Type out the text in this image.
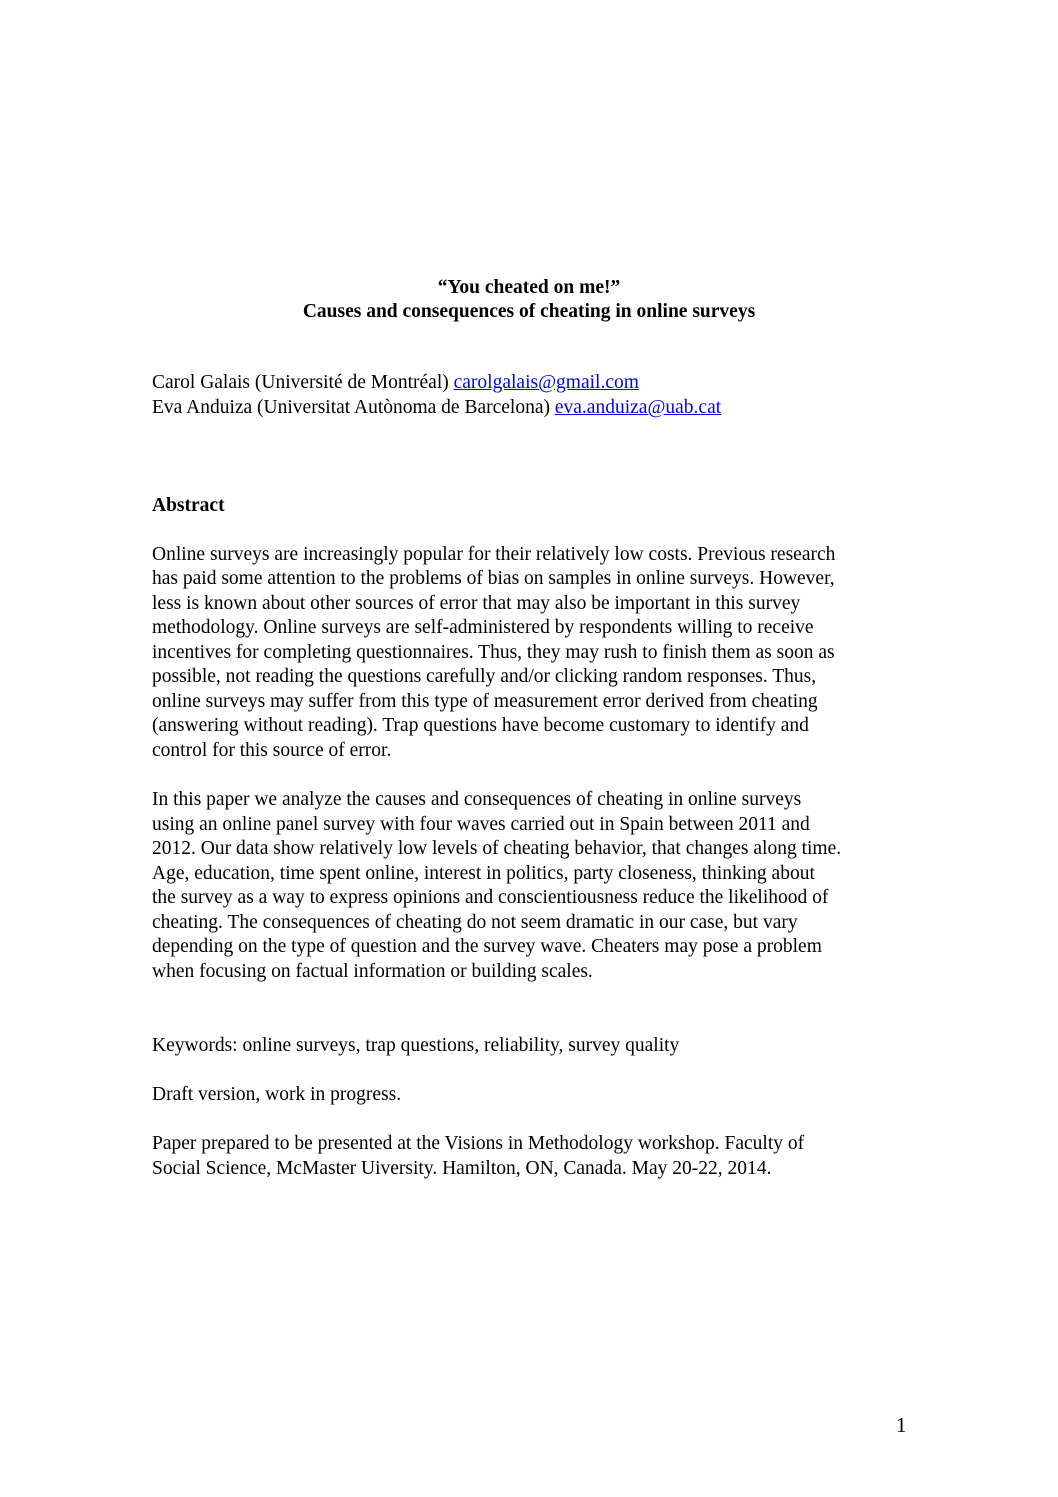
“You cheated on me!”
Causes and consequences of cheating in online surveys
Carol Galais (Université de Montréal) carolgalais@gmail.com
Eva Anduiza (Universitat Autònoma de Barcelona) eva.anduiza@uab.cat
Abstract
Online surveys are increasingly popular for their relatively low costs. Previous research
has paid some attention to the problems of bias on samples in online surveys. However,
less is known about other sources of error that may also be important in this survey
methodology. Online surveys are self-administered by respondents willing to receive
incentives for completing questionnaires. Thus, they may rush to finish them as soon as
possible, not reading the questions carefully and/or clicking random responses. Thus,
online surveys may suffer from this type of measurement error derived from cheating
(answering without reading). Trap questions have become customary to identify and
control for this source of error.
In this paper we analyze the causes and consequences of cheating in online surveys
using an online panel survey with four waves carried out in Spain between 2011 and
2012. Our data show relatively low levels of cheating behavior, that changes along time.
Age, education, time spent online, interest in politics, party closeness, thinking about
the survey as a way to express opinions and conscientiousness reduce the likelihood of
cheating. The consequences of cheating do not seem dramatic in our case, but vary
depending on the type of question and the survey wave. Cheaters may pose a problem
when focusing on factual information or building scales.
Keywords: online surveys, trap questions, reliability, survey quality
Draft version, work in progress.
Paper prepared to be presented at the Visions in Methodology workshop. Faculty of
Social Science, McMaster Uiversity. Hamilton, ON, Canada. May 20-22, 2014.
1
